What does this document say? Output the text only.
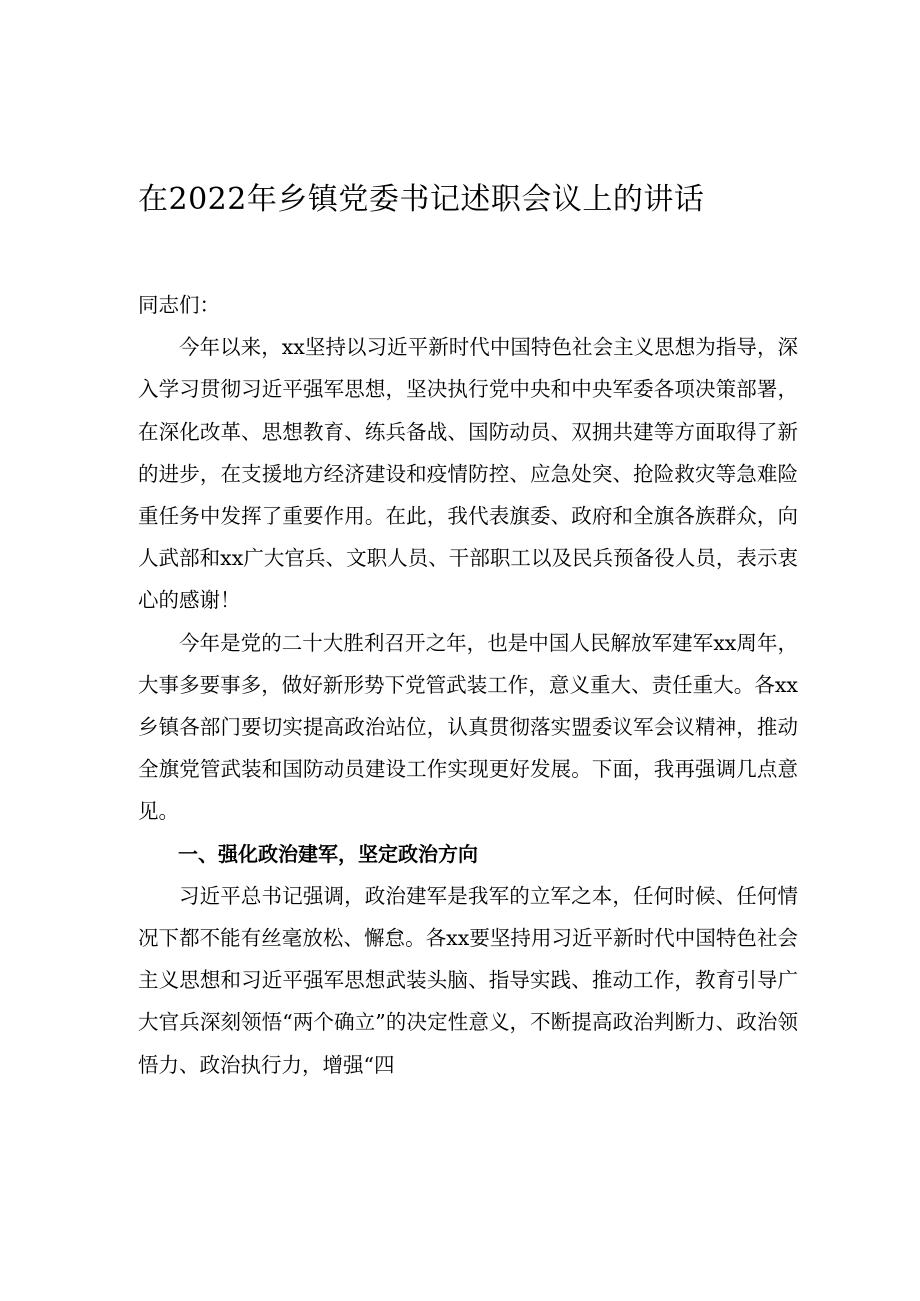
在2022年乡镇党委书记述职会议上的讲话

同志们：

今年以来，xx坚持以习近平新时代中国特色社会主义思想为指导，深入学习贯彻习近平强军思想，坚决执行党中央和中央军委各项决策部署，在深化改革、思想教育、练兵备战、国防动员、双拥共建等方面取得了新的进步，在支援地方经济建设和疫情防控、应急处突、抢险救灾等急难险重任务中发挥了重要作用。在此，我代表旗委、政府和全旗各族群众，向人武部和xx广大官兵、文职人员、干部职工以及民兵预备役人员，表示衷心的感谢！

今年是党的二十大胜利召开之年，也是中国人民解放军建军xx周年，大事多要事多，做好新形势下党管武装工作，意义重大、责任重大。各xx乡镇各部门要切实提高政治站位，认真贯彻落实盟委议军会议精神，推动全旗党管武装和国防动员建设工作实现更好发展。下面，我再强调几点意见。

一、强化政治建军，坚定政治方向

习近平总书记强调，政治建军是我军的立军之本，任何时候、任何情况下都不能有丝毫放松、懈怠。各xx要坚持用习近平新时代中国特色社会主义思想和习近平强军思想武装头脑、指导实践、推动工作，教育引导广大官兵深刻领悟“两个确立”的决定性意义，不断提高政治判断力、政治领悟力、政治执行力，增强“四
